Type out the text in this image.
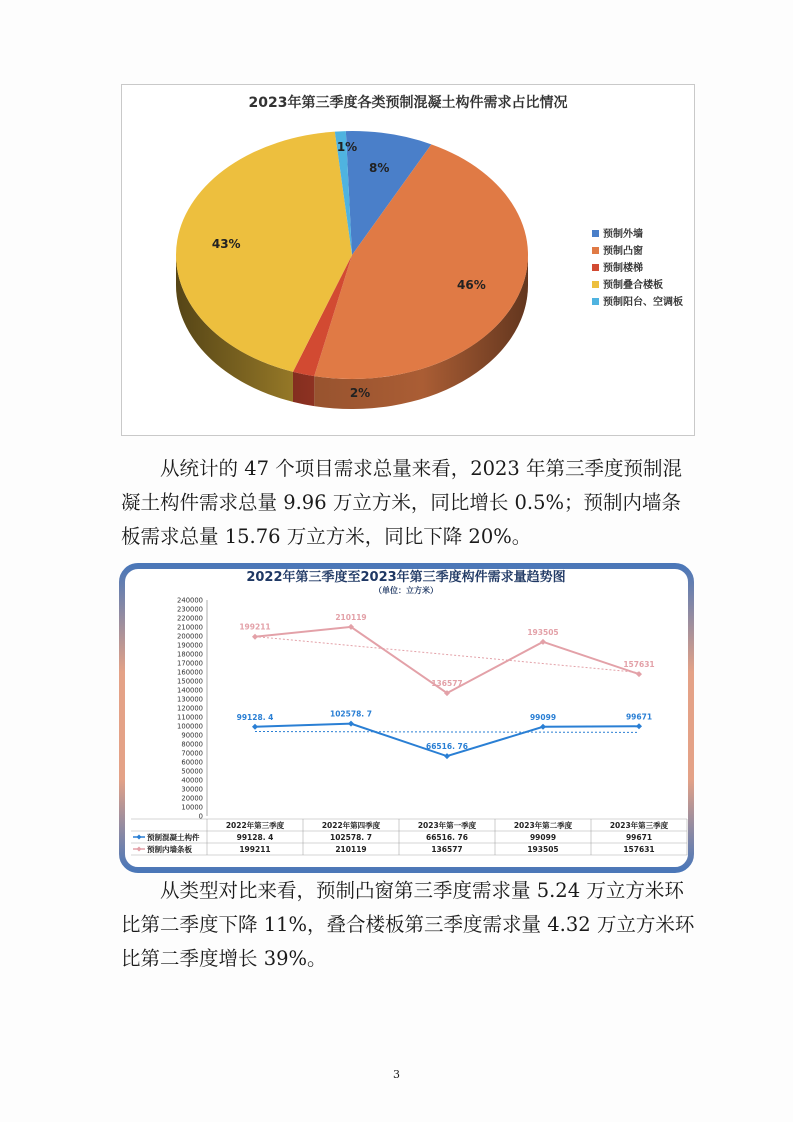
2023年第三季度各类预制混凝土构件需求占比情况
8%
46%
2%
43%
1%
预制外墙
预制凸窗
预制楼梯
预制叠合楼板
预制阳台、空调板

从统计的 47 个项目需求总量来看，2023 年第三季度预制混凝土构件需求总量 9.96 万立方米，同比增长 0.5%；预制内墙条板需求总量 15.76 万立方米，同比下降 20%。

2022年第三季度至2023年第三季度构件需求量趋势图
（单位：立方米）
0
10000
20000
30000
40000
50000
60000
70000
80000
90000
100000
110000
120000
130000
140000
150000
160000
170000
180000
190000
200000
210000
220000
230000
240000
99128. 4	102578. 7
66516. 76
99099	99671
199211
210119
136577
193505
157631
2022年第三季度	2022年第四季度	2023年第一季度	2023年第二季度	2023年第三季度
预制混凝土构件	99128. 4	102578. 7	66516. 76	99099	99671
预制内墙条板	199211	210119	136577	193505	157631

从类型对比来看，预制凸窗第三季度需求量 5.24 万立方米环比第二季度下降 11%，叠合楼板第三季度需求量 4.32 万立方米环比第二季度增长 39%。

3
